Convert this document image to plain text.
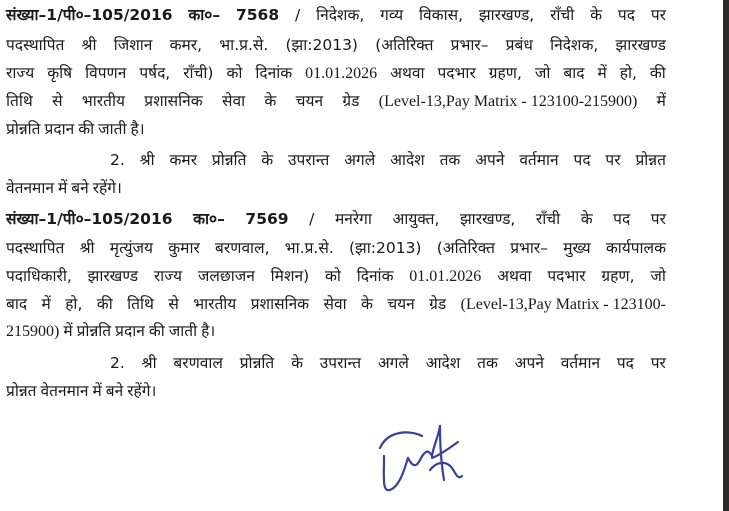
संख्या–1/पी०–105/2016 का०– 7568 / निदेशक, गव्य विकास, झारखण्ड, राँची के पद पर
पदस्थापित श्री जिशान कमर, भा.प्र.से. (झा:2013) (अतिरिक्त प्रभार– प्रबंध निदेशक, झारखण्ड
राज्य कृषि विपणन पर्षद, राँची) को दिनांक 01.01.2026 अथवा पदभार ग्रहण, जो बाद में हो, की
तिथि से भारतीय प्रशासनिक सेवा के चयन ग्रेड (Level-13,Pay Matrix - 123100-215900) में
प्रोन्नति प्रदान की जाती है।
2. श्री कमर प्रोन्नति के उपरान्त अगले आदेश तक अपने वर्तमान पद पर प्रोन्नत
वेतनमान में बने रहेंगे।
संख्या–1/पी०–105/2016 का०– 7569 / मनरेगा आयुक्त, झारखण्ड, राँची के पद पर
पदस्थापित श्री मृत्युंजय कुमार बरणवाल, भा.प्र.से. (झा:2013) (अतिरिक्त प्रभार– मुख्य कार्यपालक
पदाधिकारी, झारखण्ड राज्य जलछाजन मिशन) को दिनांक 01.01.2026 अथवा पदभार ग्रहण, जो
बाद में हो, की तिथि से भारतीय प्रशासनिक सेवा के चयन ग्रेड (Level-13,Pay Matrix - 123100-
215900) में प्रोन्नति प्रदान की जाती है।
2. श्री बरणवाल प्रोन्नति के उपरान्त अगले आदेश तक अपने वर्तमान पद पर
प्रोन्नत वेतनमान में बने रहेंगे।
